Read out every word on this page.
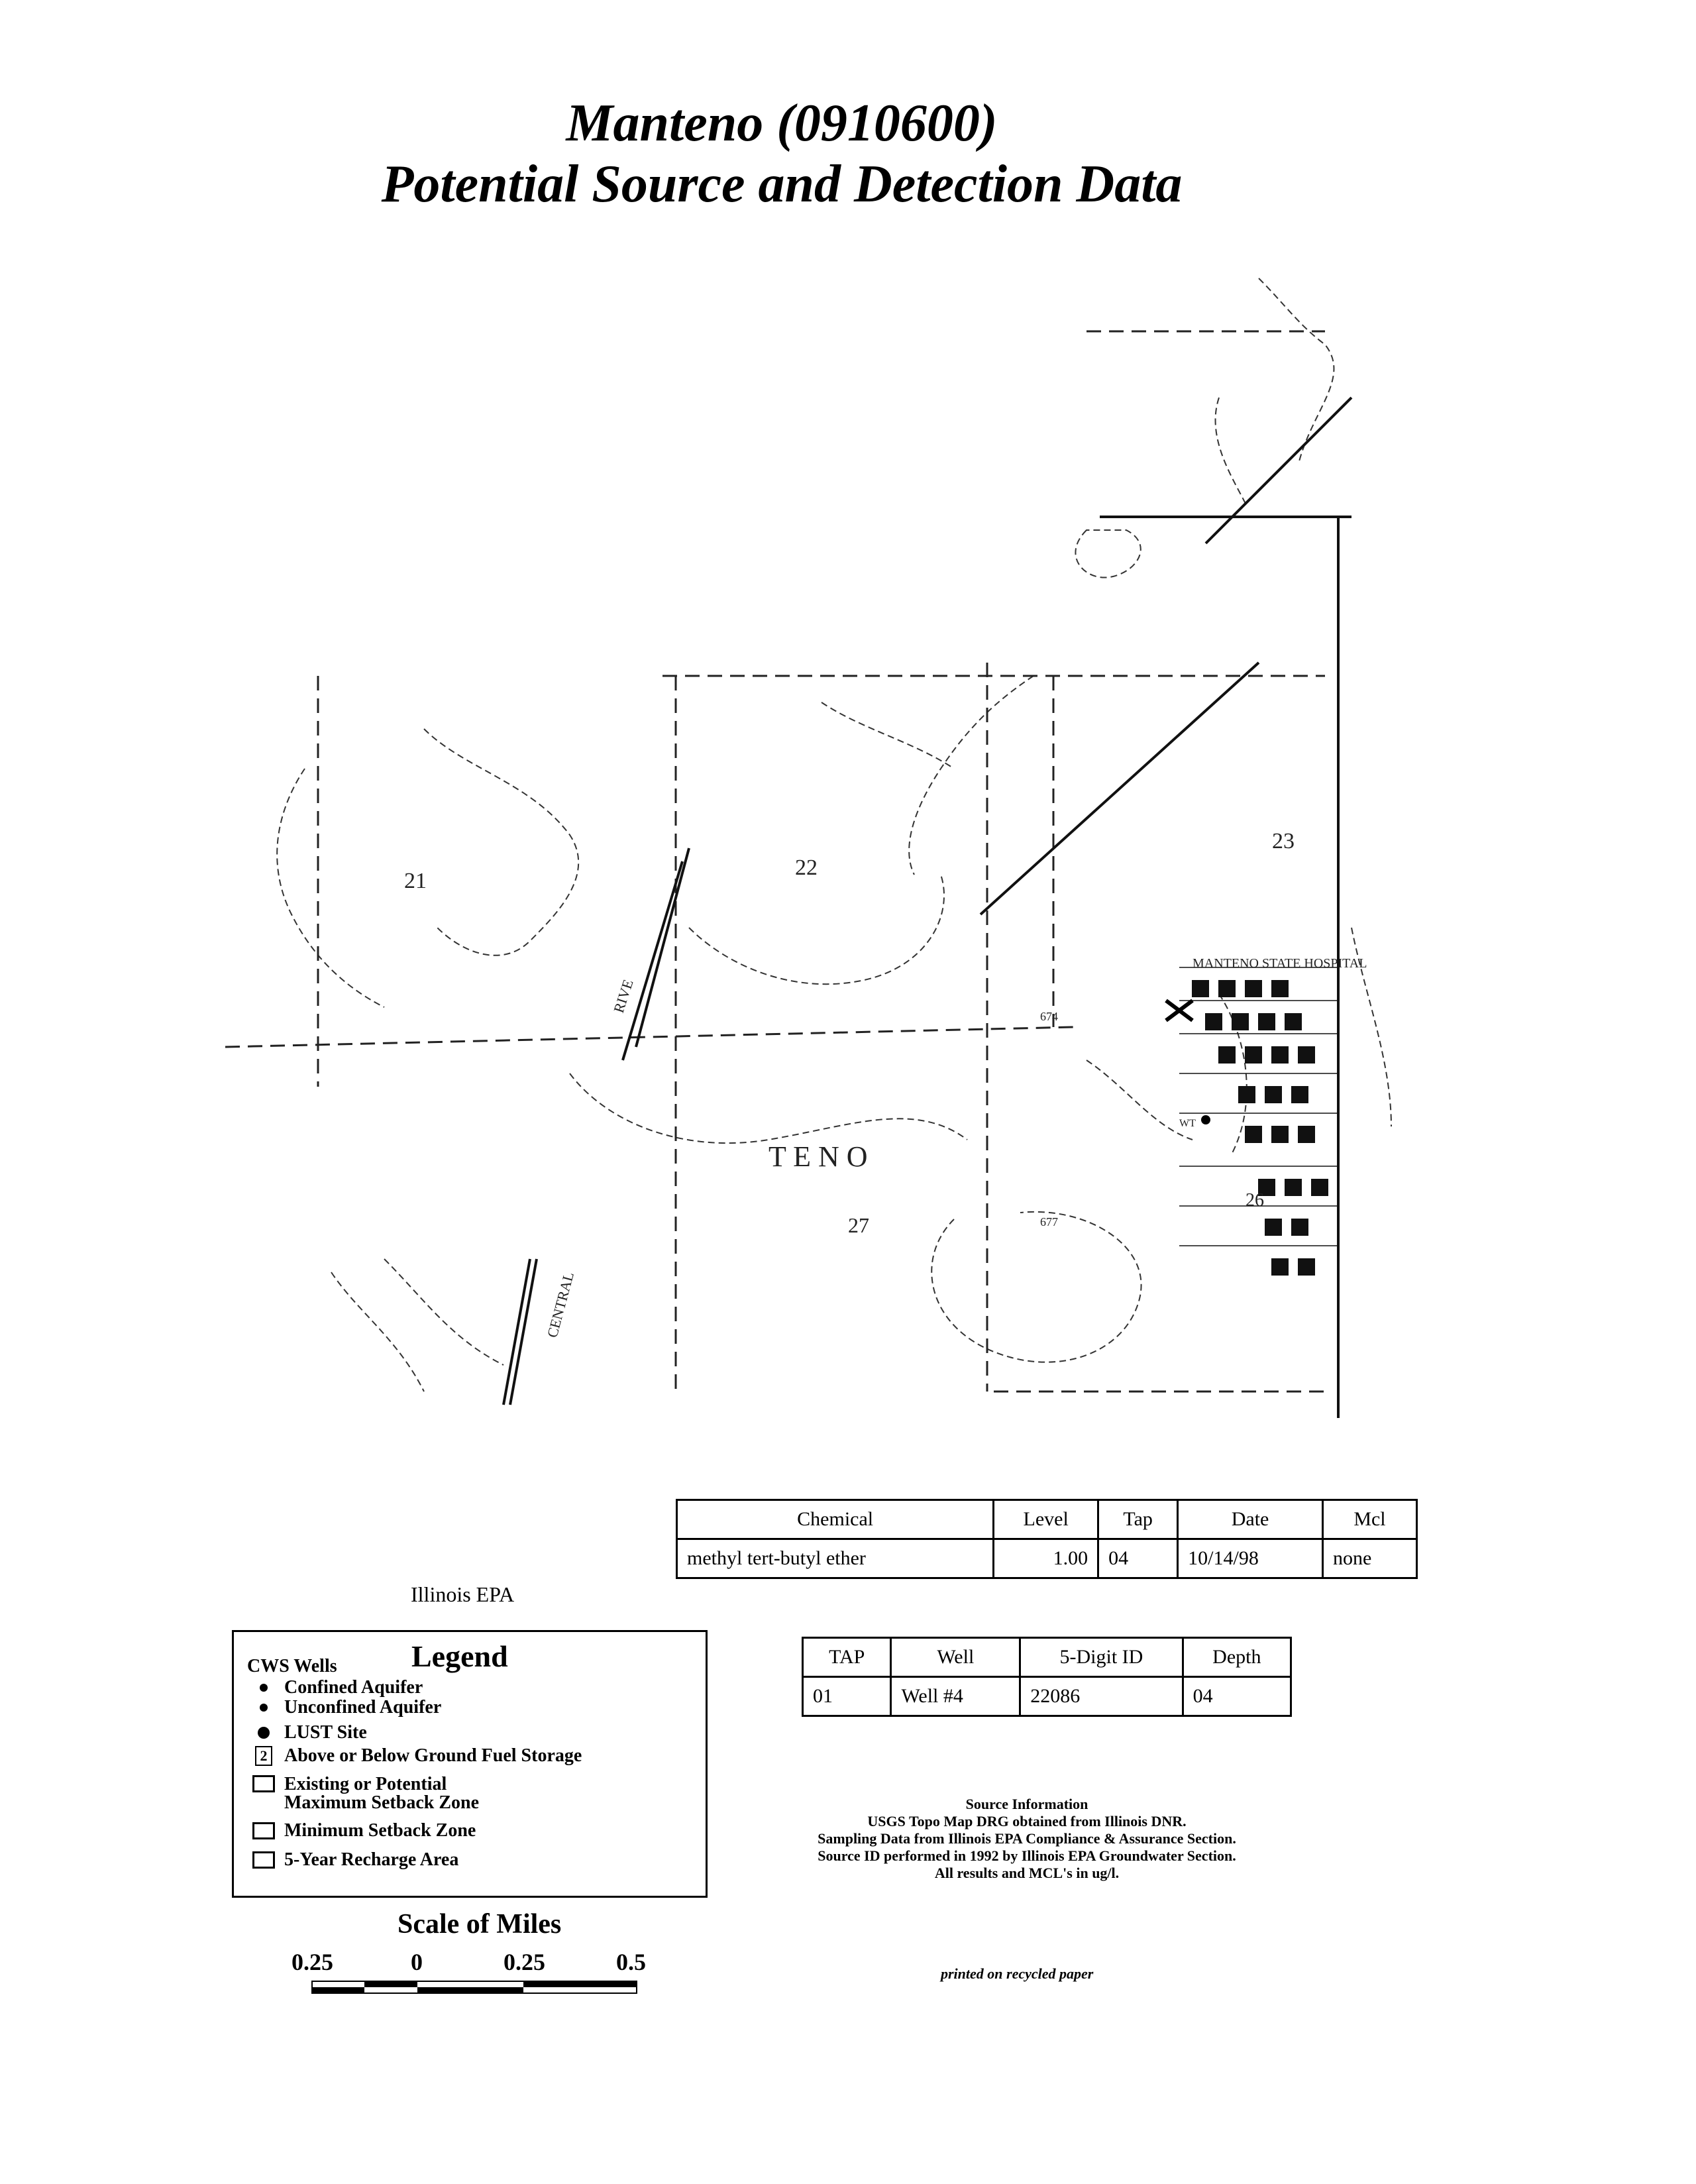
Manteno (0910600)
Potential Source and Detection Data
21
22
23
26
27
674
677
MANTENO STATE HOSPITAL
T E N O
WT
CENTRAL
RIVE
Chemical	Level	Tap	Date	Mcl
methyl tert-butyl ether	1.00	04	10/14/98	none
Illinois EPA
TAP	Well	5-Digit ID	Depth
01	Well #4	22086	04
Legend
CWS Wells
Confined Aquifer
Unconfined Aquifer
LUST Site
2 Above or Below Ground Fuel Storage
Existing or Potential
Maximum Setback Zone
Minimum Setback Zone
5-Year Recharge Area
Scale of Miles
0.25	0	0.25	0.5
Source Information
USGS Topo Map DRG obtained from Illinois DNR.
Sampling Data from Illinois EPA Compliance & Assurance Section.
Source ID performed in 1992 by Illinois EPA Groundwater Section.
All results and MCL's in ug/l.
printed on recycled paper
